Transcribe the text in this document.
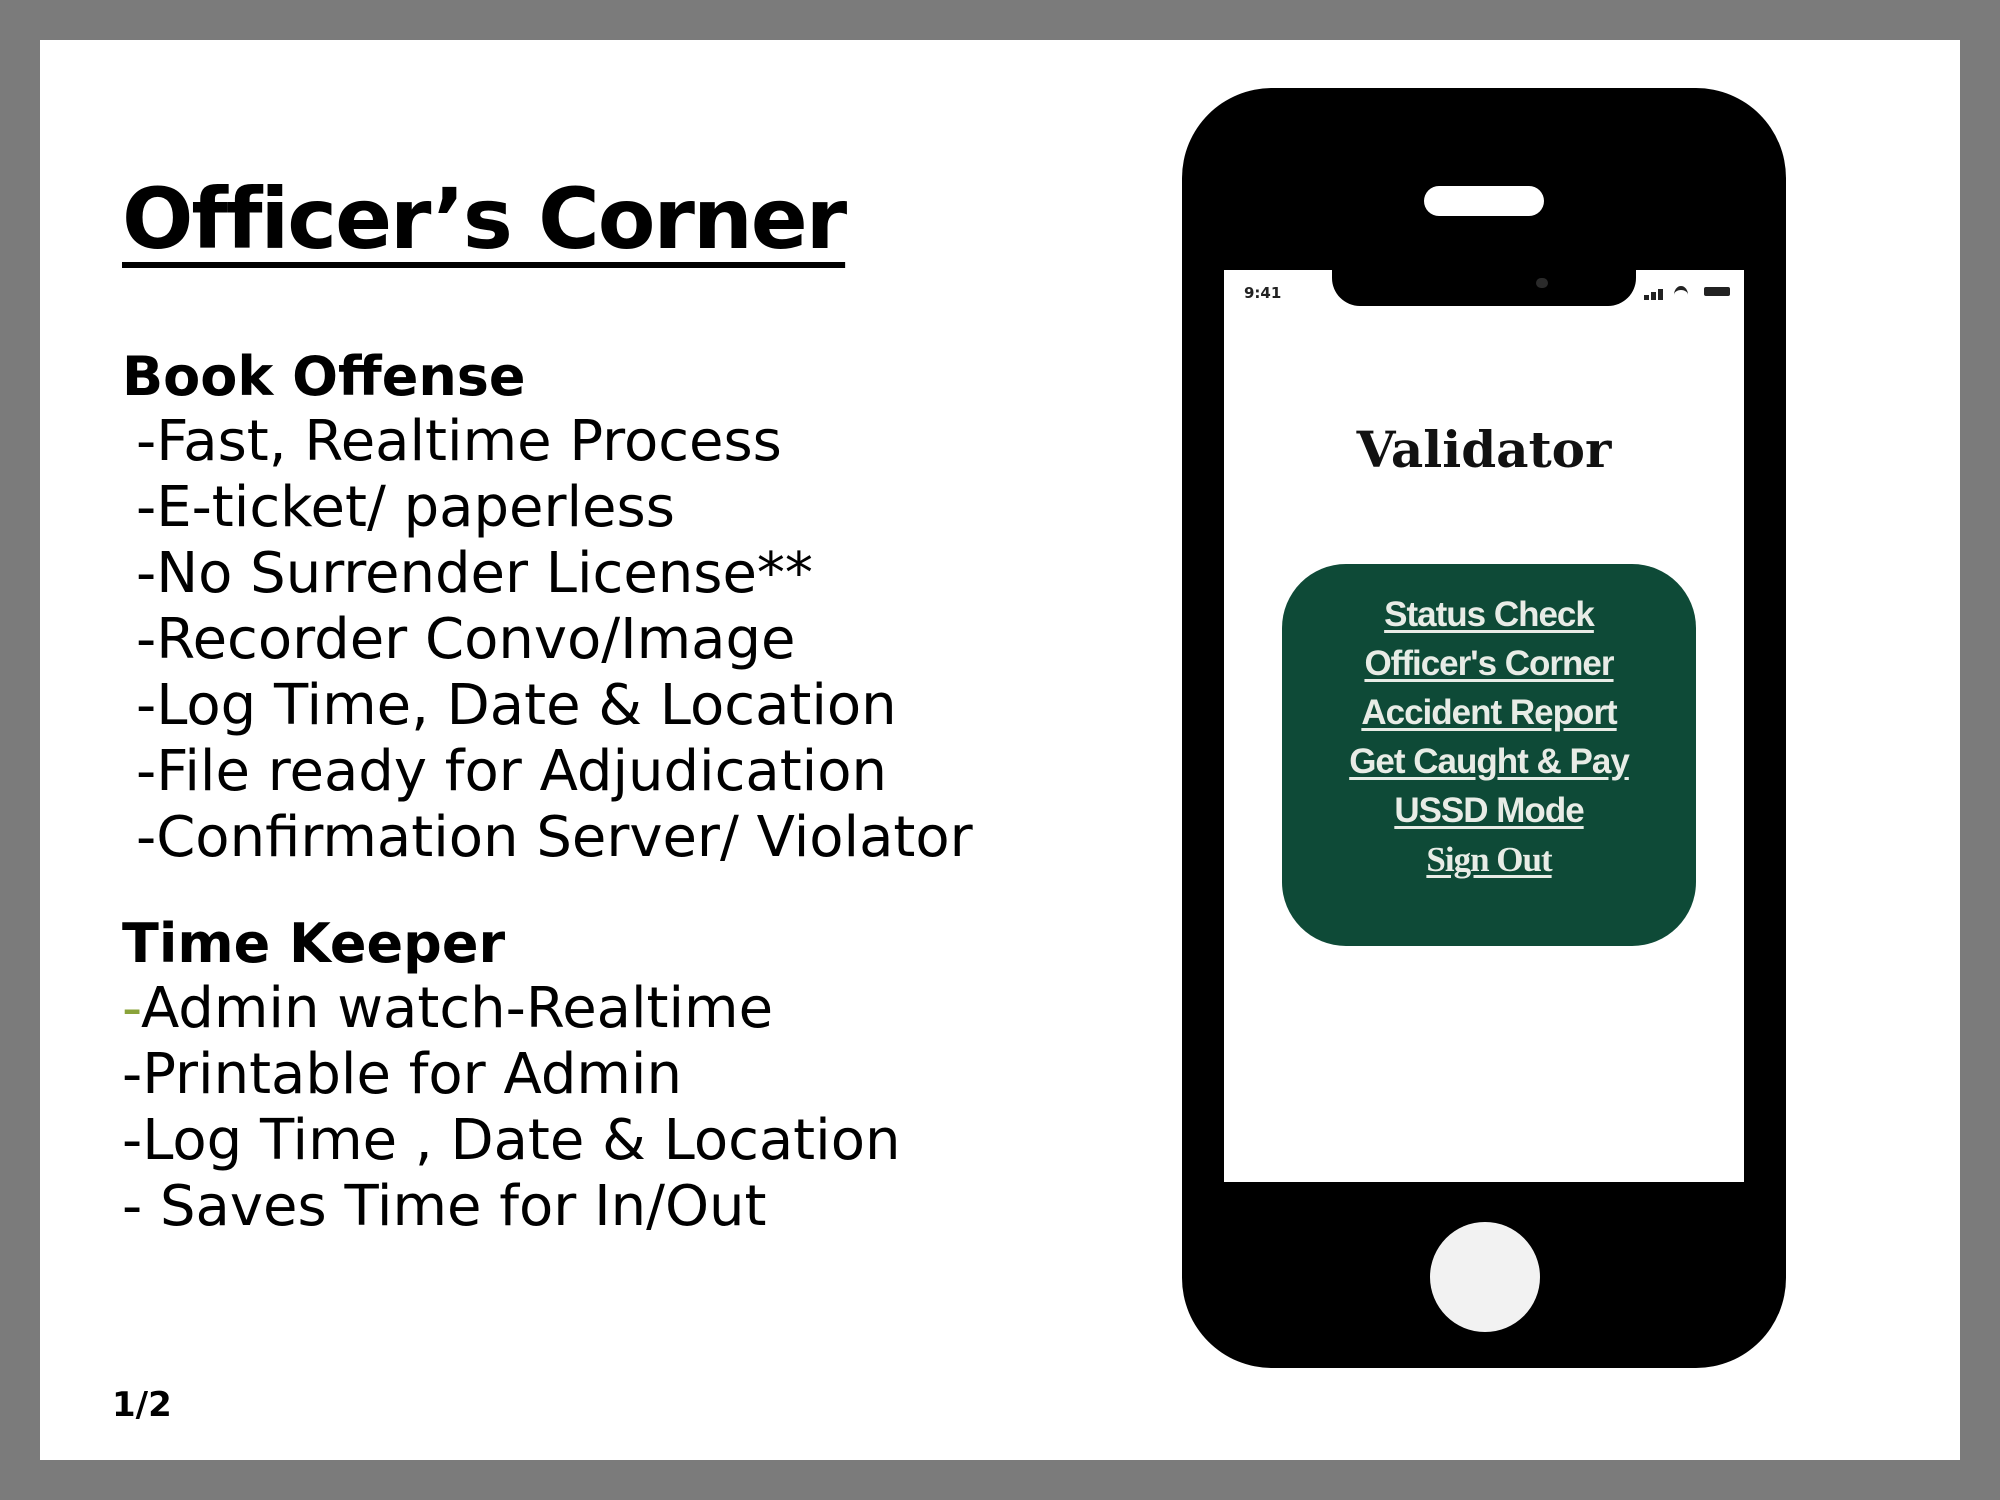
Officer’s Corner
Book Offense
-Fast, Realtime Process
-E-ticket/ paperless
-No Surrender License**
-Recorder Convo/Image
-Log Time, Date & Location
-File ready for Adjudication
-Confirmation Server/ Violator
Time Keeper
-Admin watch-Realtime
-Printable for Admin
-Log Time , Date & Location
- Saves Time for In/Out
1/2
9:41
Validator
Status Check
Officer's Corner
Accident Report
Get Caught & Pay
USSD Mode
Sign Out
